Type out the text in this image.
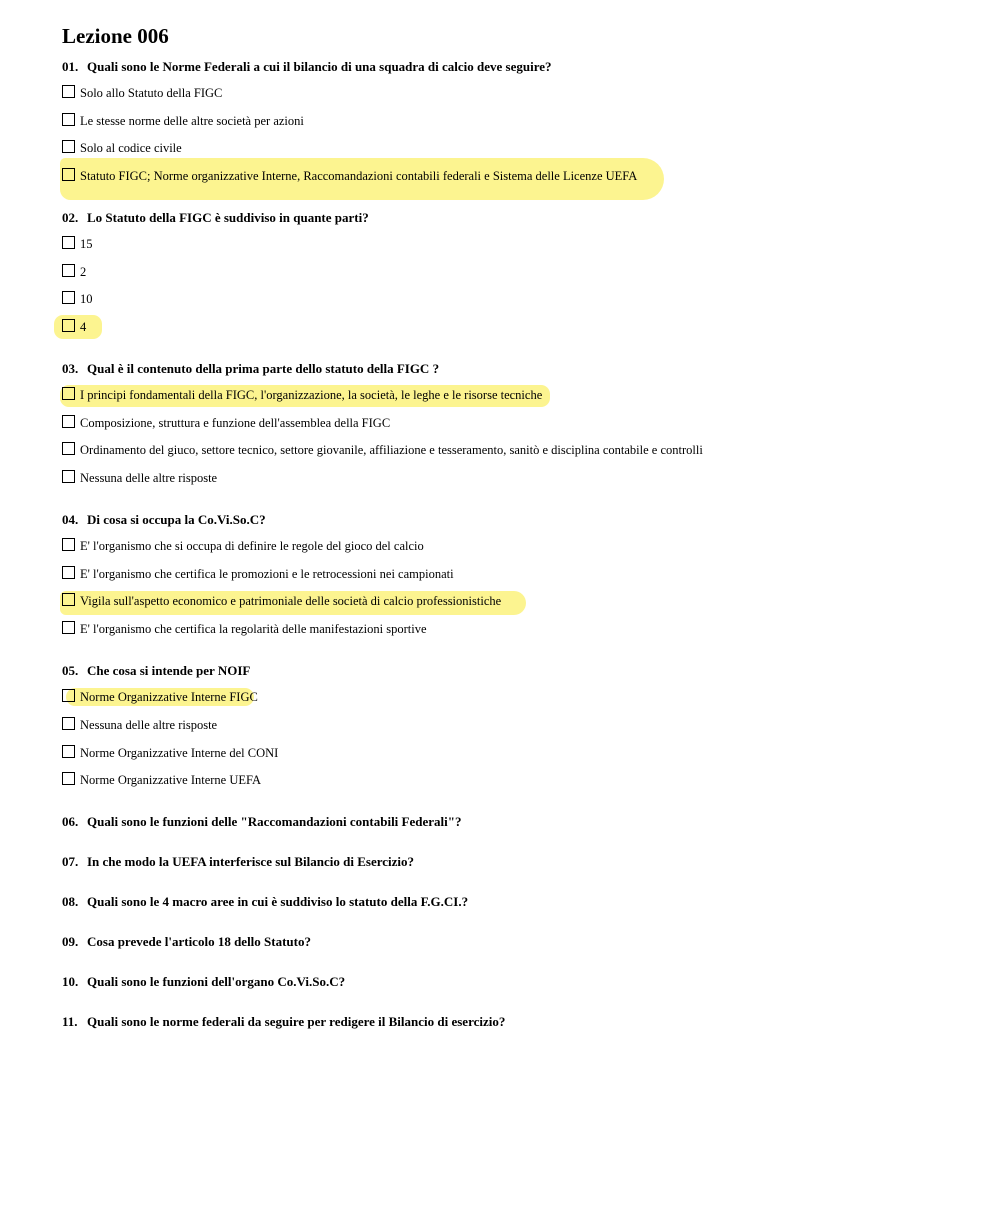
Lezione 006
01. Quali sono le Norme Federali a cui il bilancio di una squadra di calcio deve seguire?
Solo allo Statuto della FIGC
Le stesse norme delle altre società per azioni
Solo al codice civile
Statuto FIGC; Norme organizzative Interne, Raccomandazioni contabili federali e Sistema delle Licenze UEFA
02. Lo Statuto della FIGC è suddiviso in quante parti?
15
2
10
4
03. Qual è il contenuto della prima parte dello statuto della FIGC ?
I principi fondamentali della FIGC, l'organizzazione, la società, le leghe e le risorse tecniche
Composizione, struttura e funzione dell'assemblea della FIGC
Ordinamento del giuco, settore tecnico, settore giovanile, affiliazione e tesseramento, sanitò e disciplina contabile e controlli
Nessuna delle altre risposte
04. Di cosa si occupa la Co.Vi.So.C?
E' l'organismo che si occupa di definire le regole del gioco del calcio
E' l'organismo che certifica le promozioni e le retrocessioni nei campionati
Vigila sull'aspetto economico e patrimoniale delle società di calcio professionistiche
E' l'organismo che certifica la regolarità delle manifestazioni sportive
05. Che cosa si intende per NOIF
Norme Organizzative Interne FIGC
Nessuna delle altre risposte
Norme Organizzative Interne del CONI
Norme Organizzative Interne UEFA
06. Quali sono le funzioni delle "Raccomandazioni contabili Federali"?
07. In che modo la UEFA interferisce sul Bilancio di Esercizio?
08. Quali sono le 4 macro aree in cui è suddiviso lo statuto della F.G.CI.?
09. Cosa prevede l'articolo 18 dello Statuto?
10. Quali sono le funzioni dell'organo Co.Vi.So.C?
11. Quali sono le norme federali da seguire per redigere il Bilancio di esercizio?
